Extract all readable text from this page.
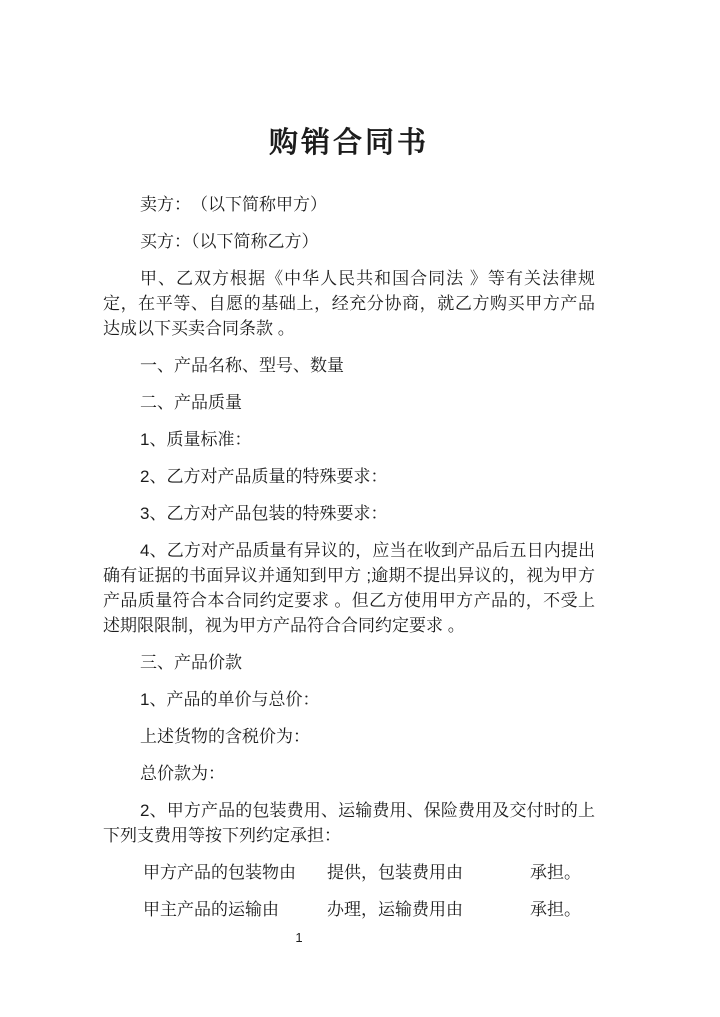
购销合同书

卖方：　（以下简称甲方）

买方：（以下简称乙方）

甲、乙双方根据《中华人民共和国合同法 》等有关法律规定，在平等、自愿的基础上，经充分协商，就乙方购买甲方产品达成以下买卖合同条款 。

一、产品名称、型号、数量

二、产品质量

1、质量标准：

2、乙方对产品质量的特殊要求：

3、乙方对产品包装的特殊要求：

4、乙方对产品质量有异议的，应当在收到产品后五日内提出确有证据的书面异议并通知到甲方 ;逾期不提出异议的，视为甲方产品质量符合本合同约定要求 。但乙方使用甲方产品的，不受上述期限限制，视为甲方产品符合合同约定要求 。

三、产品价款

1、产品的单价与总价：

上述货物的含税价为：

总价款为：

2、甲方产品的包装费用、运输费用、保险费用及交付时的上下列支费用等按下列约定承担：

甲方产品的包装物由	提供，包装费用由	承担。

甲主产品的运输由	办理，运输费用由	承担。

1
